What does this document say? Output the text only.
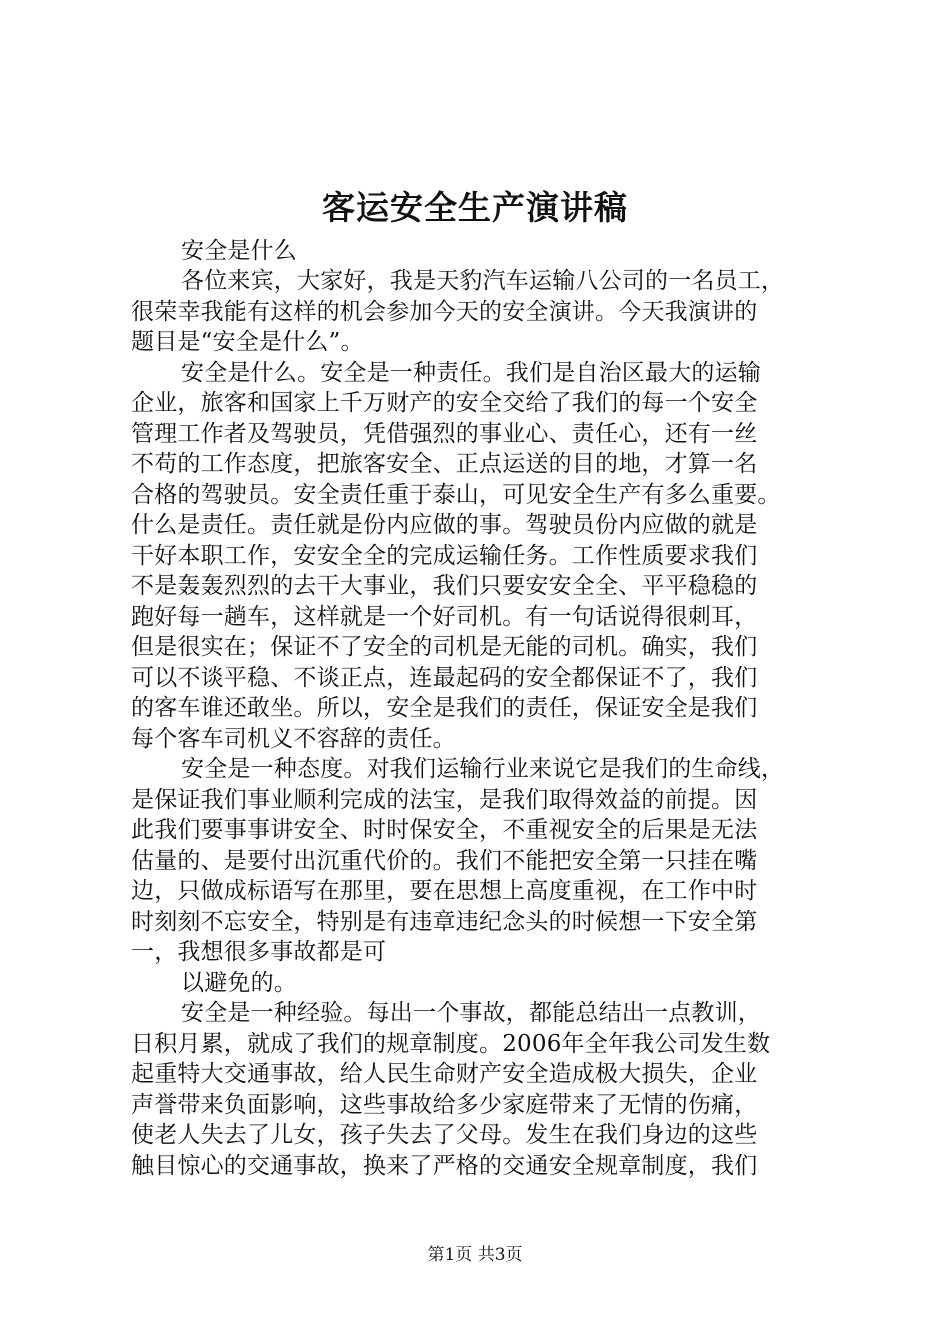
客运安全生产演讲稿
安全是什么
各位来宾，大家好，我是天豹汽车运输八公司的一名员工，
很荣幸我能有这样的机会参加今天的安全演讲。今天我演讲的
题目是“安全是什么”。
安全是什么。安全是一种责任。我们是自治区最大的运输
企业，旅客和国家上千万财产的安全交给了我们的每一个安全
管理工作者及驾驶员，凭借强烈的事业心、责任心，还有一丝
不苟的工作态度，把旅客安全、正点运送的目的地，才算一名
合格的驾驶员。安全责任重于泰山，可见安全生产有多么重要。
什么是责任。责任就是份内应做的事。驾驶员份内应做的就是
干好本职工作，安安全全的完成运输任务。工作性质要求我们
不是轰轰烈烈的去干大事业，我们只要安安全全、平平稳稳的
跑好每一趟车，这样就是一个好司机。有一句话说得很刺耳，
但是很实在；保证不了安全的司机是无能的司机。确实，我们
可以不谈平稳、不谈正点，连最起码的安全都保证不了，我们
的客车谁还敢坐。所以，安全是我们的责任，保证安全是我们
每个客车司机义不容辞的责任。
安全是一种态度。对我们运输行业来说它是我们的生命线，
是保证我们事业顺利完成的法宝，是我们取得效益的前提。因
此我们要事事讲安全、时时保安全，不重视安全的后果是无法
估量的、是要付出沉重代价的。我们不能把安全第一只挂在嘴
边，只做成标语写在那里，要在思想上高度重视，在工作中时
时刻刻不忘安全，特别是有违章违纪念头的时候想一下安全第
一，我想很多事故都是可
以避免的。
安全是一种经验。每出一个事故，都能总结出一点教训，
日积月累，就成了我们的规章制度。2006年全年我公司发生数
起重特大交通事故，给人民生命财产安全造成极大损失，企业
声誉带来负面影响，这些事故给多少家庭带来了无情的伤痛，
使老人失去了儿女，孩子失去了父母。发生在我们身边的这些
触目惊心的交通事故，换来了严格的交通安全规章制度，我们
第1页 共3页
